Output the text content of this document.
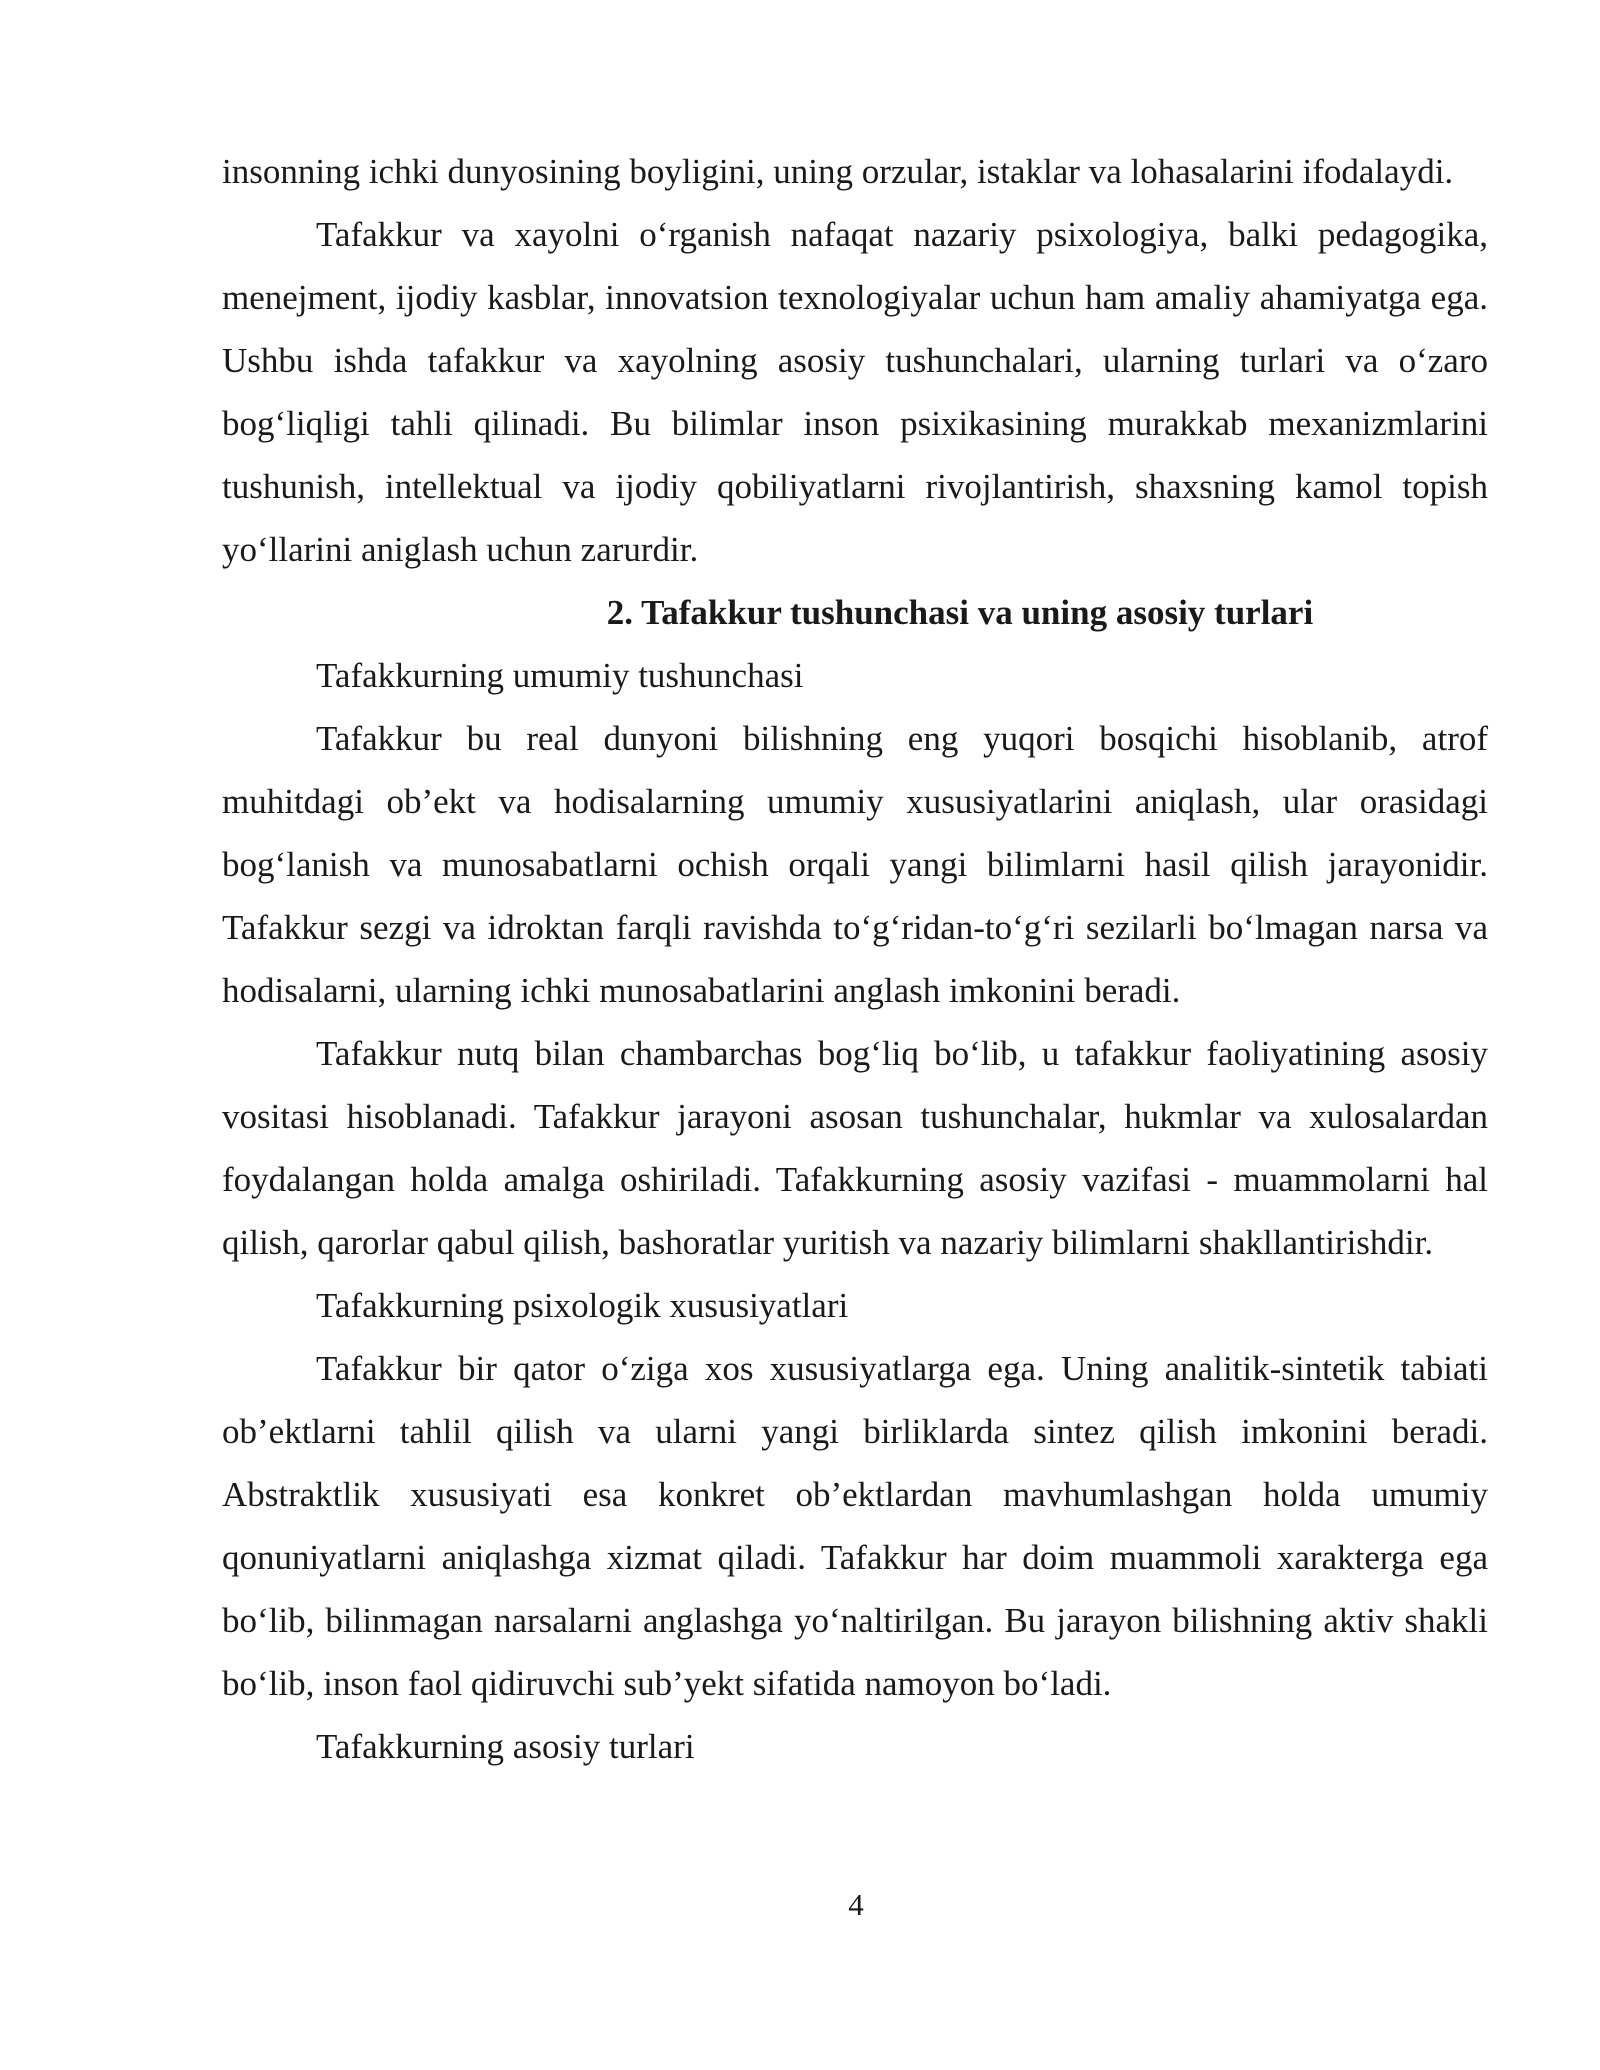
insonning ichki dunyosining boyligini, uning orzular, istaklar va lohasalarini ifodalaydi.

Tafakkur va xayolni o‘rganish nafaqat nazariy psixologiya, balki pedagogika, menejment, ijodiy kasblar, innovatsion texnologiyalar uchun ham amaliy ahamiyatga ega. Ushbu ishda tafakkur va xayolning asosiy tushunchalari, ularning turlari va o‘zaro bog‘liqligi tahli qilinadi. Bu bilimlar inson psixikasining murakkab mexanizmlarini tushunish, intellektual va ijodiy qobiliyatlarni rivojlantirish, shaxsning kamol topish yo‘llarini aniglash uchun zarurdir.

2. Tafakkur tushunchasi va uning asosiy turlari

Tafakkurning umumiy tushunchasi

Tafakkur bu real dunyoni bilishning eng yuqori bosqichi hisoblanib, atrof muhitdagi ob’ekt va hodisalarning umumiy xususiyatlarini aniqlash, ular orasidagi bog‘lanish va munosabatlarni ochish orqali yangi bilimlarni hasil qilish jarayonidir. Tafakkur sezgi va idroktan farqli ravishda to‘g‘ridan-to‘g‘ri sezilarli bo‘lmagan narsa va hodisalarni, ularning ichki munosabatlarini anglash imkonini beradi.

Tafakkur nutq bilan chambarchas bog‘liq bo‘lib, u tafakkur faoliyatining asosiy vositasi hisoblanadi. Tafakkur jarayoni asosan tushunchalar, hukmlar va xulosalardan foydalangan holda amalga oshiriladi. Tafakkurning asosiy vazifasi - muammolarni hal qilish, qarorlar qabul qilish, bashoratlar yuritish va nazariy bilimlarni shakllantirishdir.

Tafakkurning psixologik xususiyatlari

Tafakkur bir qator o‘ziga xos xususiyatlarga ega. Uning analitik-sintetik tabiati ob’ektlarni tahlil qilish va ularni yangi birliklarda sintez qilish imkonini beradi. Abstraktlik xususiyati esa konkret ob’ektlardan mavhumlashgan holda umumiy qonuniyatlarni aniqlashga xizmat qiladi. Tafakkur har doim muammoli xarakterga ega bo‘lib, bilinmagan narsalarni anglashga yo‘naltirilgan. Bu jarayon bilishning aktiv shakli bo‘lib, inson faol qidiruvchi sub’yekt sifatida namoyon bo‘ladi.

Tafakkurning asosiy turlari

4
